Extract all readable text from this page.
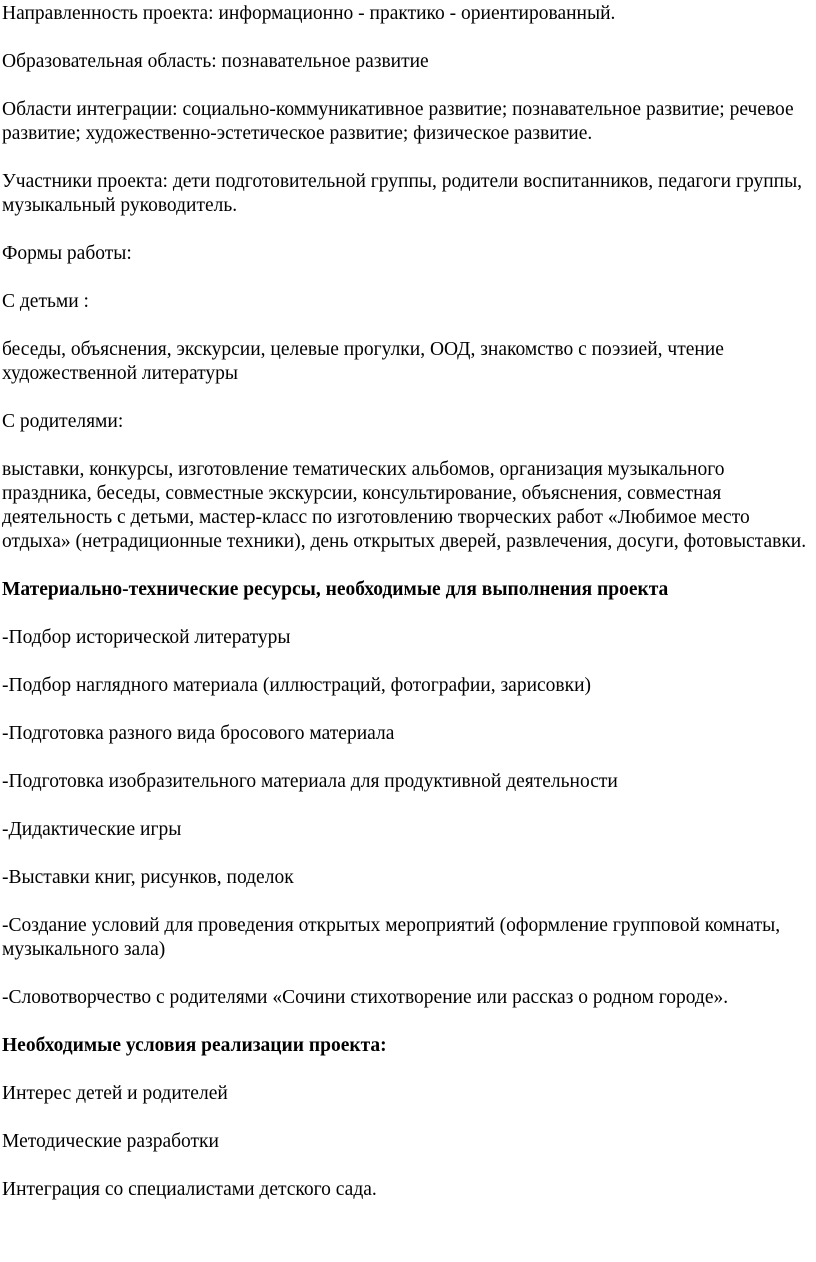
Направленность проекта: информационно - практико - ориентированный.

Образовательная область: познавательное развитие

Области интеграции: социально-коммуникативное развитие; познавательное развитие; речевое развитие; художественно-эстетическое развитие; физическое развитие.

Участники проекта: дети подготовительной группы, родители воспитанников, педагоги группы, музыкальный руководитель.

Формы работы:

С детьми :

беседы, объяснения, экскурсии, целевые прогулки, ООД, знакомство с поэзией, чтение художественной литературы

С родителями:

выставки, конкурсы, изготовление тематических альбомов, организация музыкального праздника, беседы, совместные экскурсии, консультирование, объяснения, совместная деятельность с детьми, мастер-класс по изготовлению творческих работ «Любимое место отдыха» (нетрадиционные техники), день открытых дверей, развлечения, досуги, фотовыставки.

Материально-технические ресурсы, необходимые для выполнения проекта

-Подбор исторической литературы

-Подбор наглядного материала (иллюстраций, фотографии, зарисовки)

-Подготовка разного вида бросового материала

-Подготовка изобразительного материала для продуктивной деятельности

-Дидактические игры

-Выставки книг, рисунков, поделок

-Создание условий для проведения открытых мероприятий (оформление групповой комнаты, музыкального зала)

-Словотворчество с родителями «Сочини стихотворение или рассказ о родном городе».

Необходимые условия реализации проекта:

Интерес детей и родителей

Методические разработки

Интеграция со специалистами детского сада.
